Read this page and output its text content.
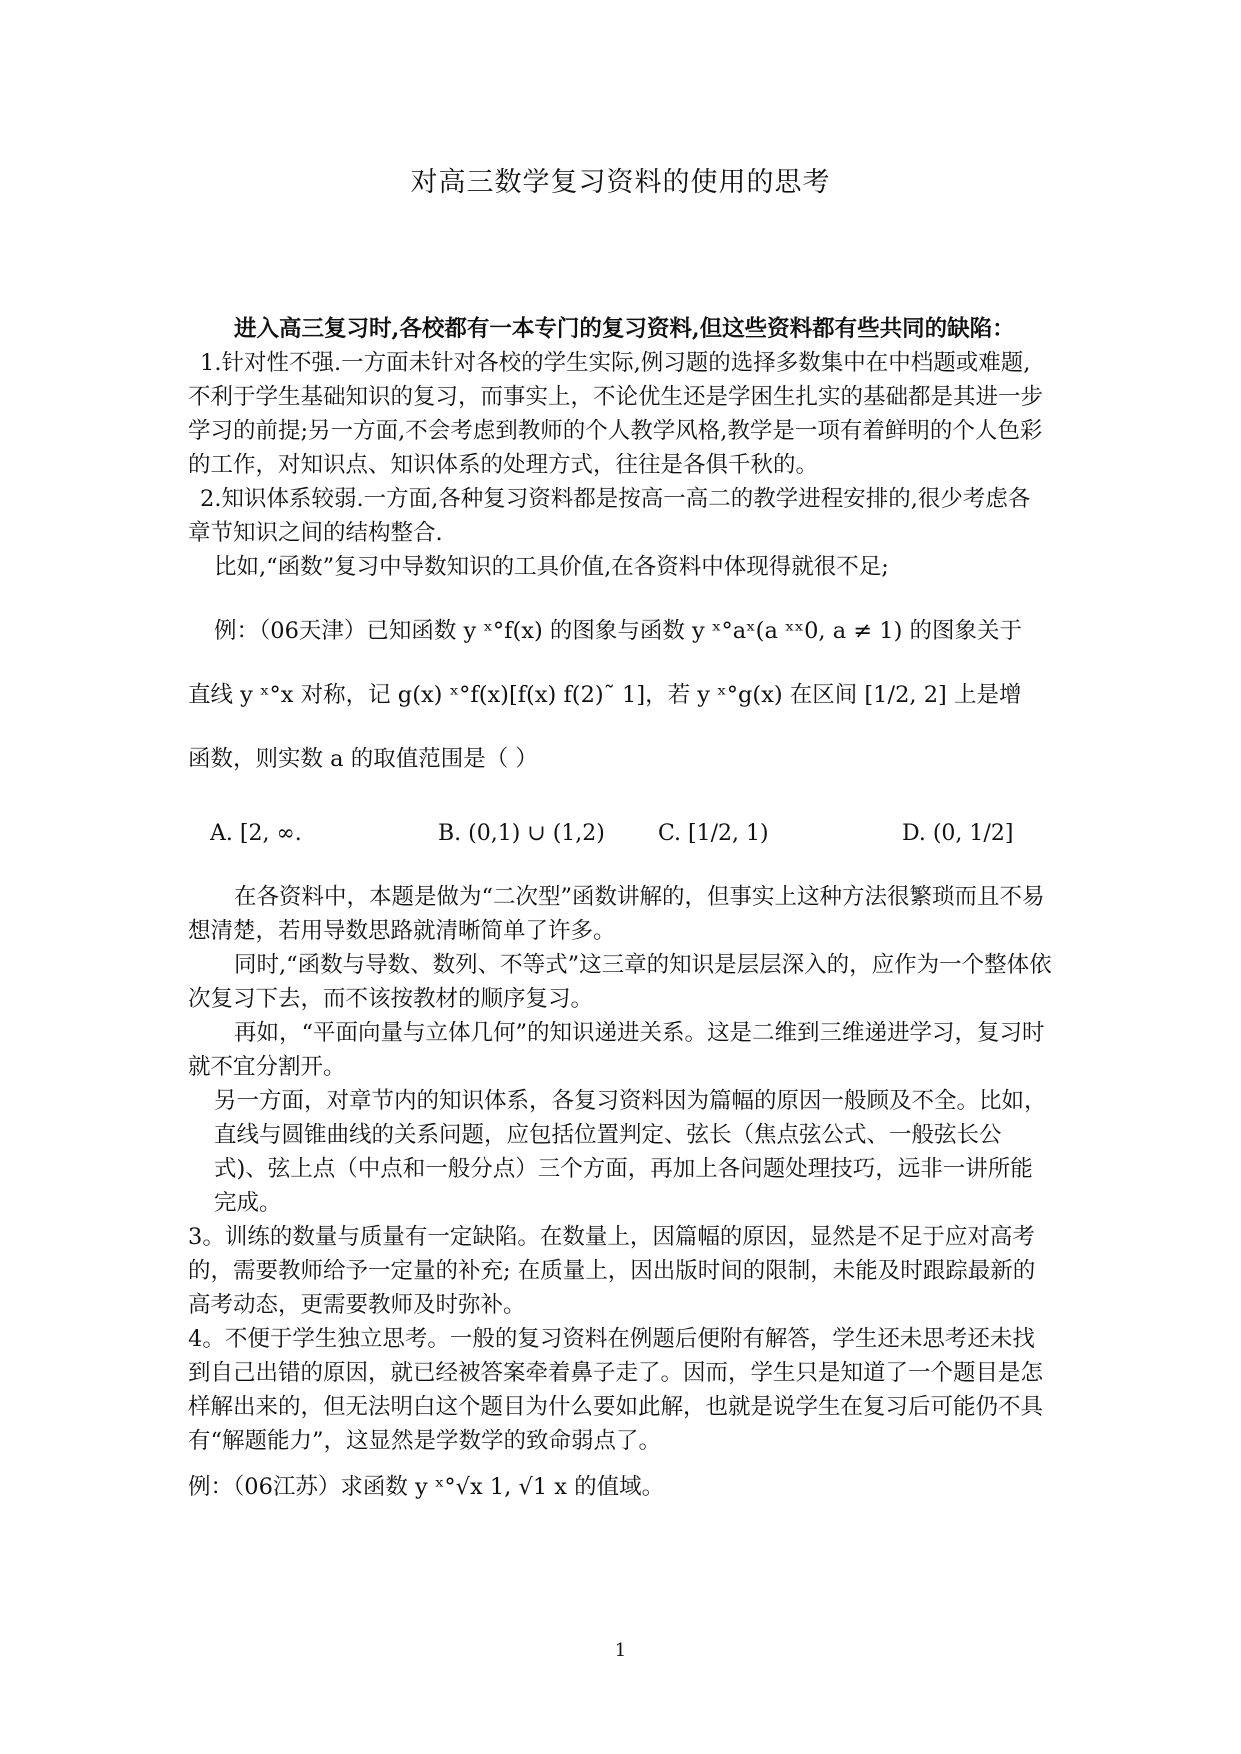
对高三数学复习资料的使用的思考

进入高三复习时,各校都有一本专门的复习资料,但这些资料都有些共同的缺陷：

1.针对性不强.一方面未针对各校的学生实际,例习题的选择多数集中在中档题或难题,不利于学生基础知识的复习，而事实上，不论优生还是学困生扎实的基础都是其进一步学习的前提;另一方面,不会考虑到教师的个人教学风格,教学是一项有着鲜明的个人色彩的工作，对知识点、知识体系的处理方式，往往是各俱千秋的。

2.知识体系较弱.一方面,各种复习资料都是按高一高二的教学进程安排的,很少考虑各章节知识之间的结构整合.

比如,“函数”复习中导数知识的工具价值,在各资料中体现得就很不足;

例：（06天津）已知函数 y ˣ°f(x) 的图象与函数 y ˣ°aˣ(a ˣˣ0, a ≠ 1) 的图象关于

直线 y ˣ°x 对称，记 g(x) ˣ°f(x)[f(x) f(2)˜ 1]，若 y ˣ°g(x) 在区间 [1/2, 2] 上是增

函数，则实数 a 的取值范围是（ ）

A. [2, ∞.	B. (0,1) ∪ (1,2)	C. [1/2, 1)	D. (0, 1/2]

在各资料中，本题是做为“二次型”函数讲解的，但事实上这种方法很繁琐而且不易想清楚，若用导数思路就清晰简单了许多。

同时,“函数与导数、数列、不等式”这三章的知识是层层深入的，应作为一个整体依次复习下去，而不该按教材的顺序复习。

再如，“平面向量与立体几何”的知识递进关系。这是二维到三维递进学习，复习时就不宜分割开。

另一方面，对章节内的知识体系，各复习资料因为篇幅的原因一般顾及不全。比如，直线与圆锥曲线的关系问题，应包括位置判定、弦长（焦点弦公式、一般弦长公式)、弦上点（中点和一般分点）三个方面，再加上各问题处理技巧，远非一讲所能完成。

3。训练的数量与质量有一定缺陷。在数量上，因篇幅的原因，显然是不足于应对高考的，需要教师给予一定量的补充; 在质量上，因出版时间的限制，未能及时跟踪最新的高考动态，更需要教师及时弥补。

4。不便于学生独立思考。一般的复习资料在例题后便附有解答，学生还未思考还未找到自己出错的原因，就已经被答案牵着鼻子走了。因而，学生只是知道了一个题目是怎样解出来的，但无法明白这个题目为什么要如此解，也就是说学生在复习后可能仍不具有“解题能力”，这显然是学数学的致命弱点了。

例：（06江苏）求函数 y ˣ°√x 1, √1 x 的值域。

1
